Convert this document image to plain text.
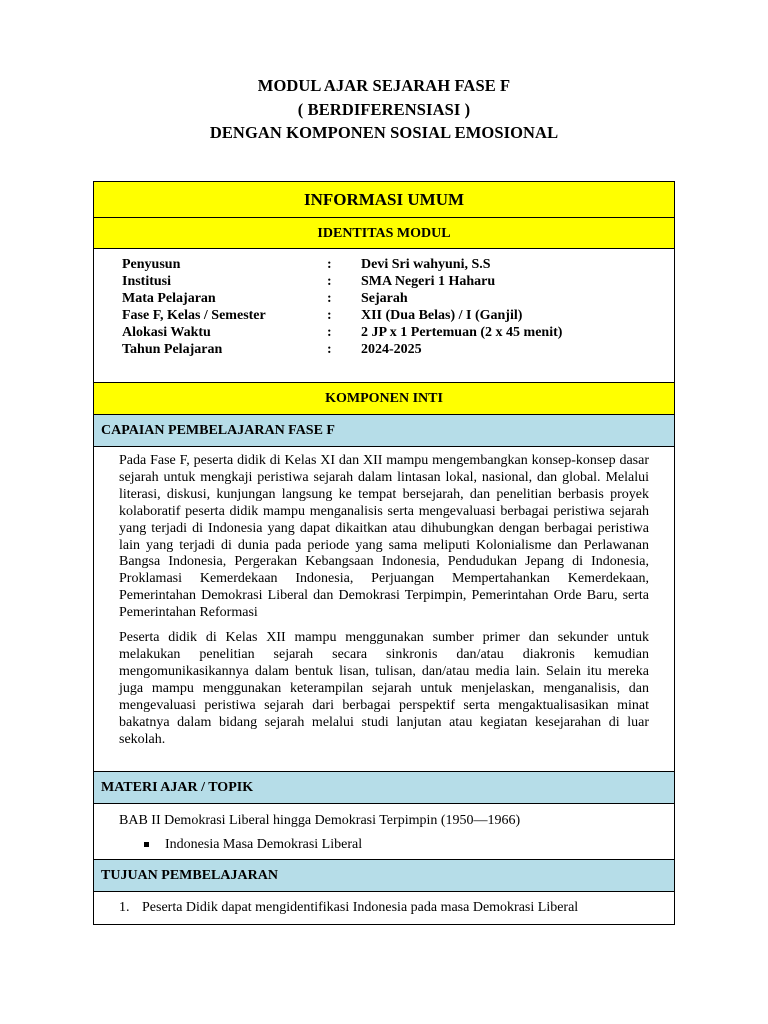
MODUL AJAR SEJARAH FASE F
( BERDIFERENSIASI )
DENGAN KOMPONEN SOSIAL EMOSIONAL
INFORMASI UMUM
IDENTITAS MODUL
Penyusun	:	Devi Sri wahyuni, S.S
Institusi	:	SMA Negeri 1 Haharu
Mata Pelajaran	:	Sejarah
Fase F, Kelas / Semester	:	XII (Dua Belas) / I (Ganjil)
Alokasi Waktu	:	2 JP x 1 Pertemuan (2 x 45 menit)
Tahun Pelajaran	:	2024-2025
KOMPONEN INTI
CAPAIAN PEMBELAJARAN FASE F

Pada Fase F, peserta didik di Kelas XI dan XII mampu mengembangkan konsep-konsep dasar sejarah untuk mengkaji peristiwa sejarah dalam lintasan lokal, nasional, dan global. Melalui literasi, diskusi, kunjungan langsung ke tempat bersejarah, dan penelitian berbasis proyek kolaboratif peserta didik mampu menganalisis serta mengevaluasi berbagai peristiwa sejarah yang terjadi di Indonesia yang dapat dikaitkan atau dihubungkan dengan berbagai peristiwa lain yang terjadi di dunia pada periode yang sama meliputi Kolonialisme dan Perlawanan Bangsa Indonesia, Pergerakan Kebangsaan Indonesia, Pendudukan Jepang di Indonesia, Proklamasi Kemerdekaan Indonesia, Perjuangan Mempertahankan Kemerdekaan, Pemerintahan Demokrasi Liberal dan Demokrasi Terpimpin, Pemerintahan Orde Baru, serta Pemerintahan Reformasi

Peserta didik di Kelas XII mampu menggunakan sumber primer dan sekunder untuk melakukan penelitian sejarah secara sinkronis dan/atau diakronis kemudian mengomunikasikannya dalam bentuk lisan, tulisan, dan/atau media lain. Selain itu mereka juga mampu menggunakan keterampilan sejarah untuk menjelaskan, menganalisis, dan mengevaluasi peristiwa sejarah dari berbagai perspektif serta mengaktualisasikan minat bakatnya dalam bidang sejarah melalui studi lanjutan atau kegiatan kesejarahan di luar sekolah.

MATERI AJAR / TOPIK
BAB II Demokrasi Liberal hingga Demokrasi Terpimpin (1950—1966)
Indonesia Masa Demokrasi Liberal
TUJUAN PEMBELAJARAN
1. Peserta Didik dapat mengidentifikasi Indonesia pada masa Demokrasi Liberal
